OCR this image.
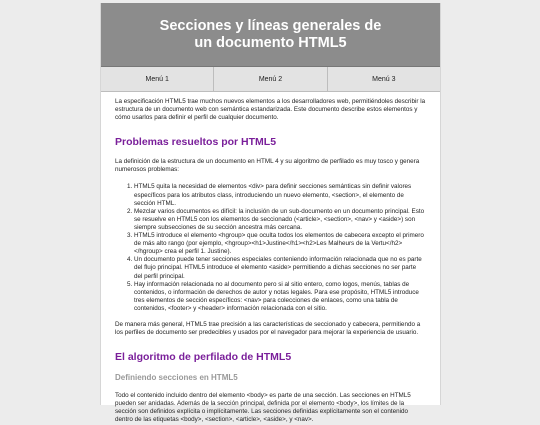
Secciones y líneas generales de
un documento HTML5
Menú 1	Menú 2	Menú 3

La especificación HTML5 trae muchos nuevos elementos a los desarrolladores web, permitiéndoles describir la estructura de un documento web con semántica estandarizada. Este documento describe estos elementos y cómo usarlos para definir el perfil de cualquier documento.

Problemas resueltos por HTML5

La definición de la estructura de un documento en HTML 4 y su algoritmo de perfilado es muy tosco y genera numerosos problemas:

1. HTML5 quita la necesidad de elementos <div> para definir secciones semánticas sin definir valores específicos para los atributos class, introduciendo un nuevo elemento, <section>, el elemento de sección HTML.
2. Mezclar varios documentos es difícil: la inclusión de un sub-documento en un documento principal. Esto se resuelve en HTML5 con los elementos de seccionado (<article>, <section>, <nav> y <aside>) son siempre subsecciones de su sección ancestra más cercana.
3. HTML5 introduce el elemento <hgroup> que oculta todos los elementos de cabecera excepto el primero de más alto rango (por ejemplo, <hgroup><h1>Justine</h1><h2>Les Malheurs de la Vertu</h2></hgroup> crea el perfil 1. Justine).
4. Un documento puede tener secciones especiales conteniendo información relacionada que no es parte del flujo principal. HTML5 introduce el elemento <aside> permitiendo a dichas secciones no ser parte del perfil principal.
5. Hay información relacionada no al documento pero si al sitio entero, como logos, menús, tablas de contenidos, o información de derechos de autor y notas legales. Para ese propósito, HTML5 introduce tres elementos de sección específicos: <nav> para colecciones de enlaces, como una tabla de contenidos, <footer> y <header> información relacionada con el sitio.

De manera más general, HTML5 trae precisión a las características de seccionado y cabecera, permitiendo a los perfiles de documento ser predecibles y usados por el navegador para mejorar la experiencia de usuario.

El algoritmo de perfilado de HTML5
Definiendo secciones en HTML5

Todo el contenido incluido dentro del elemento <body> es parte de una sección. Las secciones en HTML5 pueden ser anidadas. Además de la sección principal, definida por el elemento <body>, los límites de la sección son definidos explícita o implícitamente. Las secciones definidas explícitamente son el contenido dentro de las etiquetas <body>, <section>, <article>, <aside>, y <nav>.
